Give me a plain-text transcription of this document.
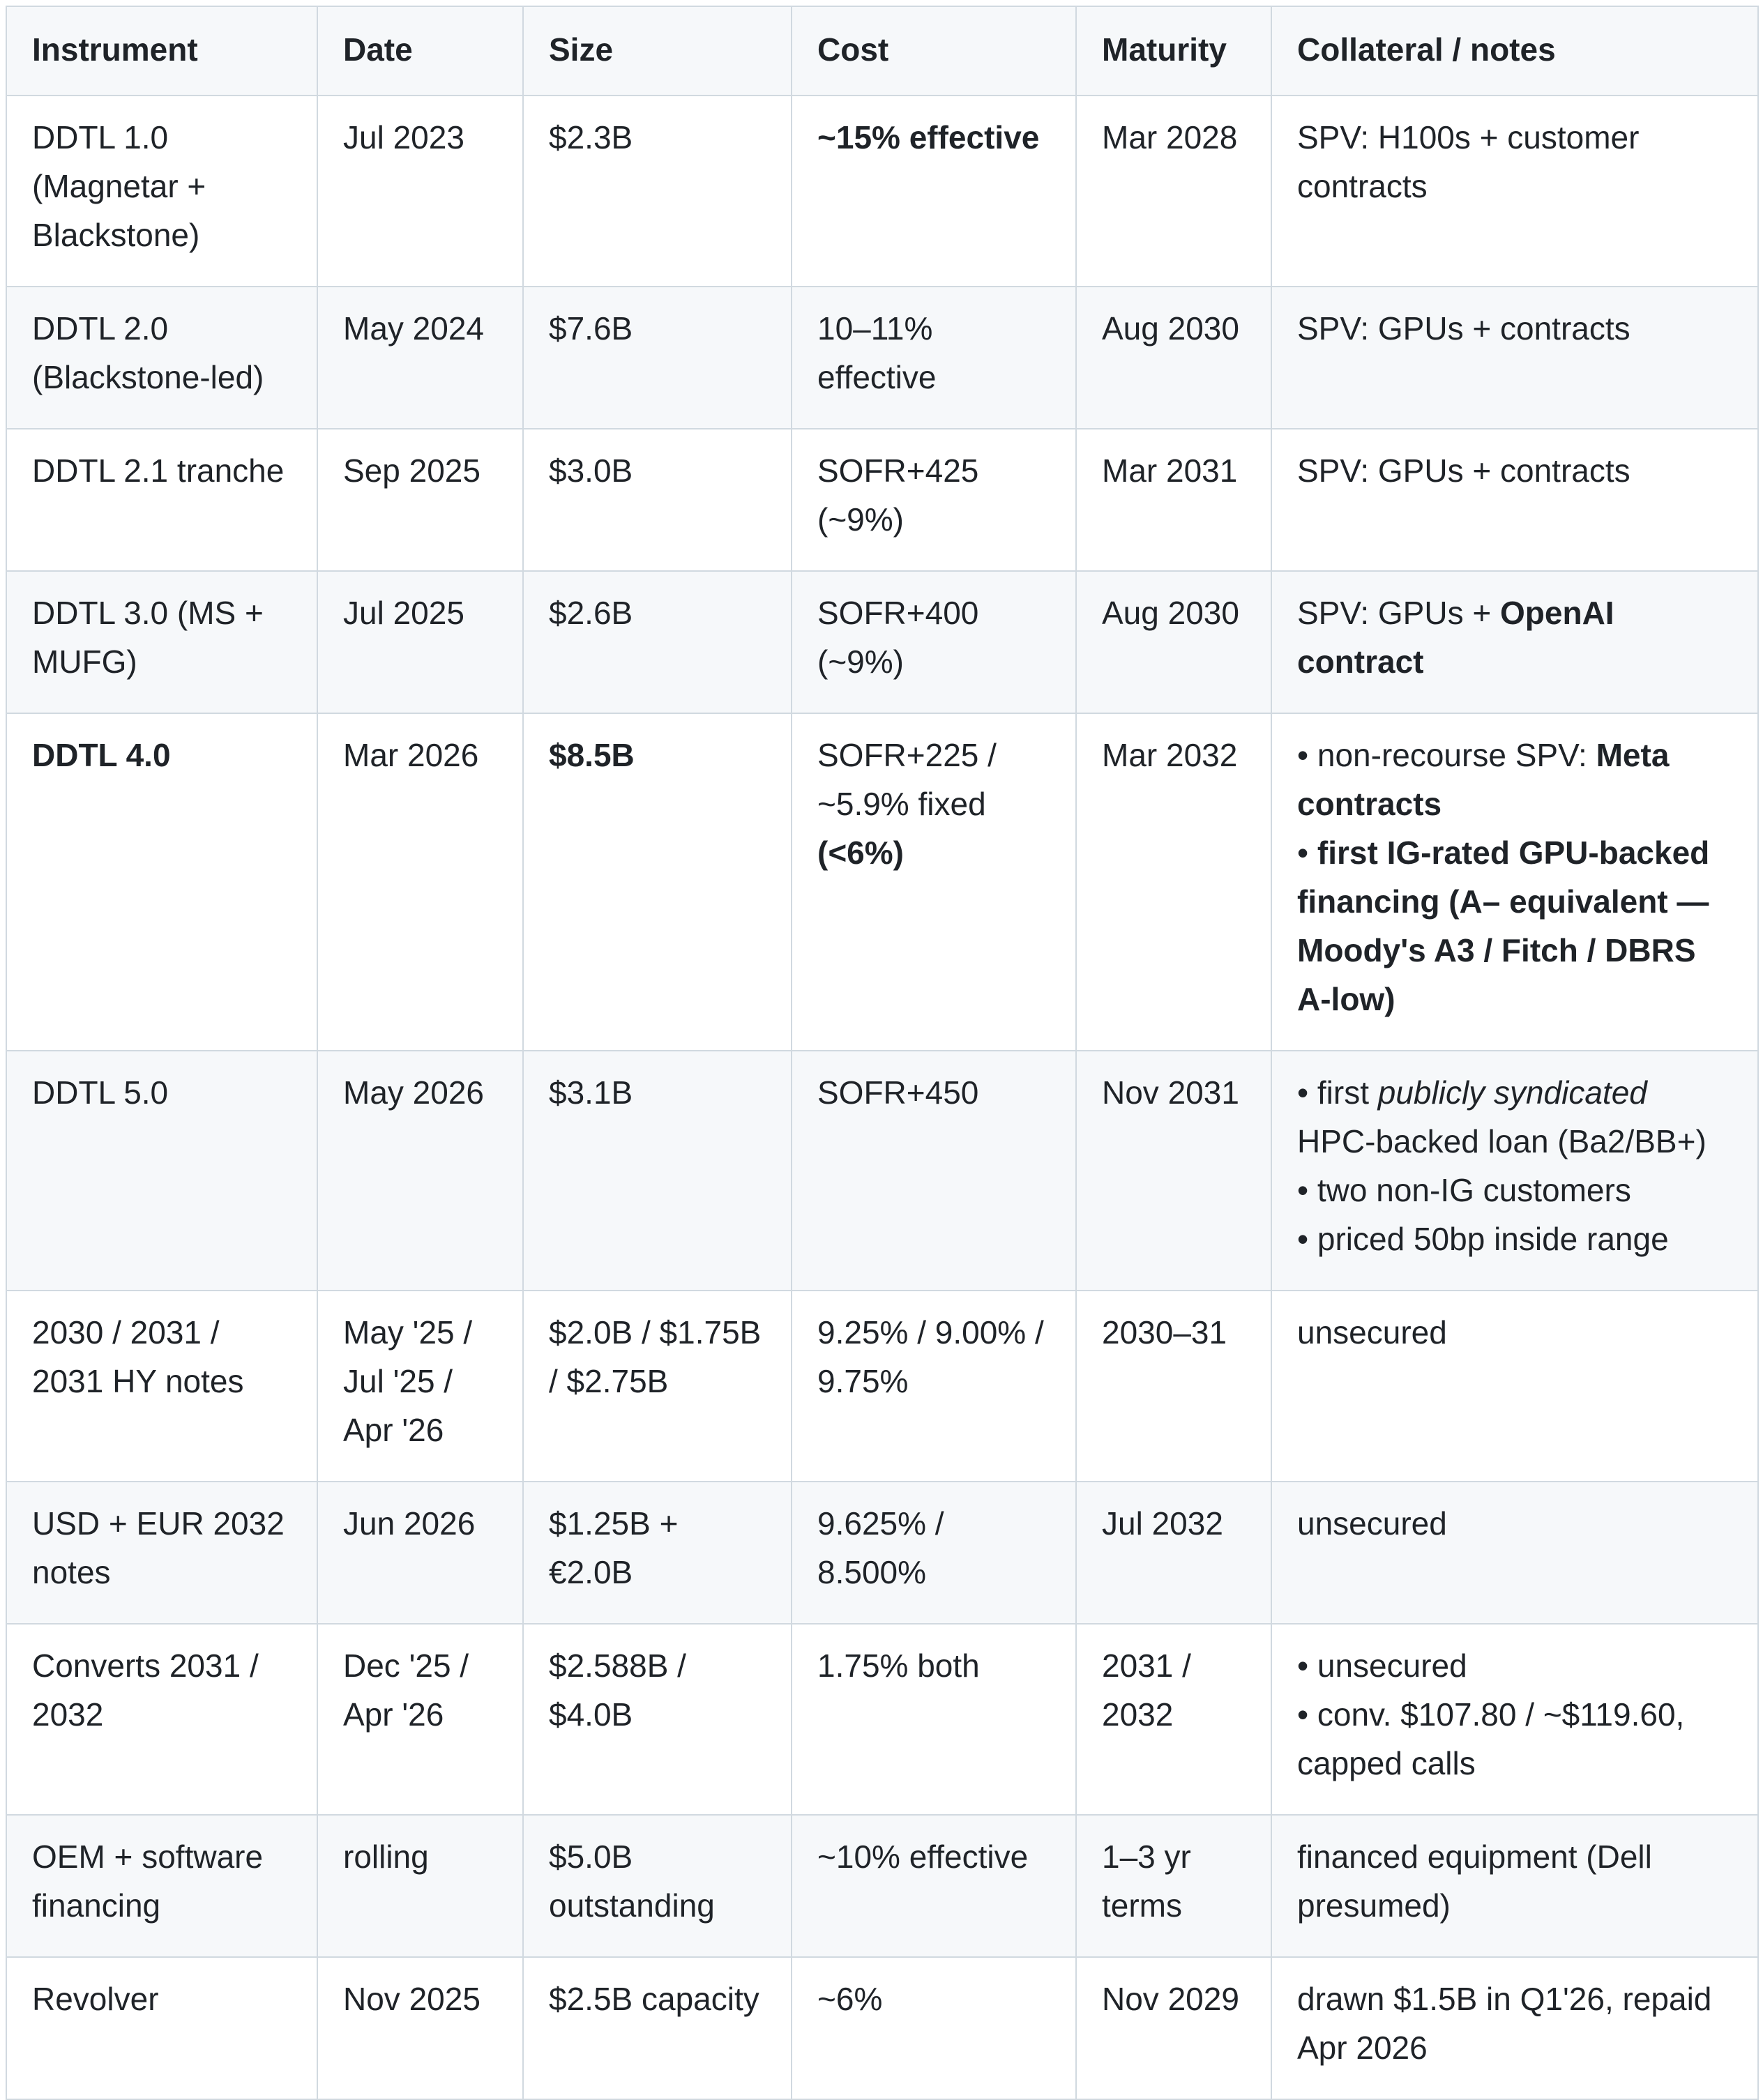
Instrument	Date	Size	Cost	Maturity	Collateral / notes
DDTL 1.0 (Magnetar + Blackstone)	Jul 2023	$2.3B	~15% effective	Mar 2028	SPV: H100s + customer contracts
DDTL 2.0 (Blackstone-led)	May 2024	$7.6B	10–11% effective	Aug 2030	SPV: GPUs + contracts
DDTL 2.1 tranche	Sep 2025	$3.0B	SOFR+425 (~9%)	Mar 2031	SPV: GPUs + contracts
DDTL 3.0 (MS + MUFG)	Jul 2025	$2.6B	SOFR+400 (~9%)	Aug 2030	SPV: GPUs + OpenAI contract
DDTL 4.0	Mar 2026	$8.5B	SOFR+225 / ~5.9% fixed (<6%)	Mar 2032	• non-recourse SPV: Meta contracts
• first IG-rated GPU-backed financing (A– equivalent — Moody's A3 / Fitch / DBRS A-low)

DDTL 5.0	May 2026	$3.1B	SOFR+450	Nov 2031	• first publicly syndicated HPC-backed loan (Ba2/BB+)
• two non-IG customers
• priced 50bp inside range

2030 / 2031 / 2031 HY notes	May '25 / Jul '25 / Apr '26	$2.0B / $1.75B / $2.75B	9.25% / 9.00% / 9.75%	2030–31	unsecured
USD + EUR 2032 notes	Jun 2026	$1.25B + €2.0B	9.625% / 8.500%	Jul 2032	unsecured
Converts 2031 / 2032	Dec '25 / Apr '26	$2.588B / $4.0B	1.75% both	2031 / 2032	• unsecured
• conv. $107.80 / ~$119.60, capped calls

OEM + software financing	rolling	$5.0B outstanding	~10% effective	1–3 yr terms	financed equipment (Dell presumed)
Revolver	Nov 2025	$2.5B capacity	~6%	Nov 2029	drawn $1.5B in Q1'26, repaid Apr 2026
